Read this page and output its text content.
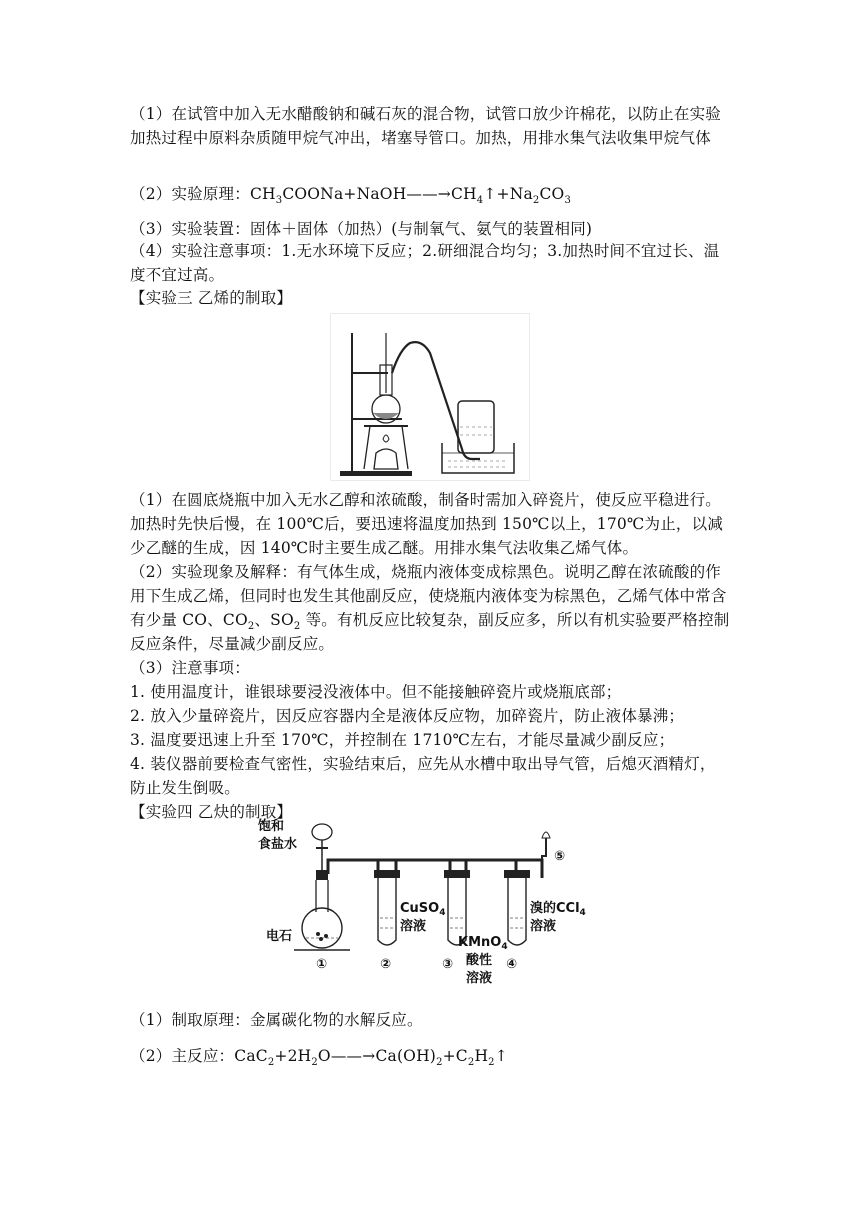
（1）在试管中加入无水醋酸钠和碱石灰的混合物，试管口放少许棉花，以防止在实验加热过程中原料杂质随甲烷气冲出，堵塞导管口。加热，用排水集气法收集甲烷气体

（2）实验原理：$CH_3COONa+NaOH——\to CH_4↑+Na_2CO_3$

（3）实验装置：固体＋固体（加热）(与制氧气、氨气的装置相同)

（4）实验注意事项：1.无水环境下反应；2.研细混合均匀；3.加热时间不宜过长、温度不宜过高。

【实验三 乙烯的制取】

（1）在圆底烧瓶中加入无水乙醇和浓硫酸，制备时需加入碎瓷片，使反应平稳进行。加热时先快后慢，在 100℃后，要迅速将温度加热到 150℃以上，170℃为止，以减少乙醚的生成，因 140℃时主要生成乙醚。用排水集气法收集乙烯气体。

（2）实验现象及解释：有气体生成，烧瓶内液体变成棕黑色。说明乙醇在浓硫酸的作用下生成乙烯，但同时也发生其他副反应，使烧瓶内液体变为棕黑色，乙烯气体中常含有少量 CO、$CO_2$、$SO_2$ 等。有机反应比较复杂，副反应多，所以有机实验要严格控制反应条件，尽量减少副反应。

（3）注意事项：

1. 使用温度计，谁银球要浸没液体中。但不能接触碎瓷片或烧瓶底部；

2. 放入少量碎瓷片，因反应容器内全是液体反应物，加碎瓷片，防止液体暴沸；

3. 温度要迅速上升至 170℃，并控制在 1710℃左右，才能尽量减少副反应；

4. 装仪器前要检查气密性，实验结束后，应先从水槽中取出导气管，后熄灭酒精灯，防止发生倒吸。

【实验四 乙炔的制取】

饱和
食盐水
电石
CuSO$_4$
溶液
KMnO$_4$
酸性
溶液
溴的CCl$_4$
溶液
①	②	③	④
⑤

（1）制取原理：金属碳化物的水解反应。

（2）主反应：$CaC_2+2H_2O——\to Ca(OH)_2+C_2H_2↑$
